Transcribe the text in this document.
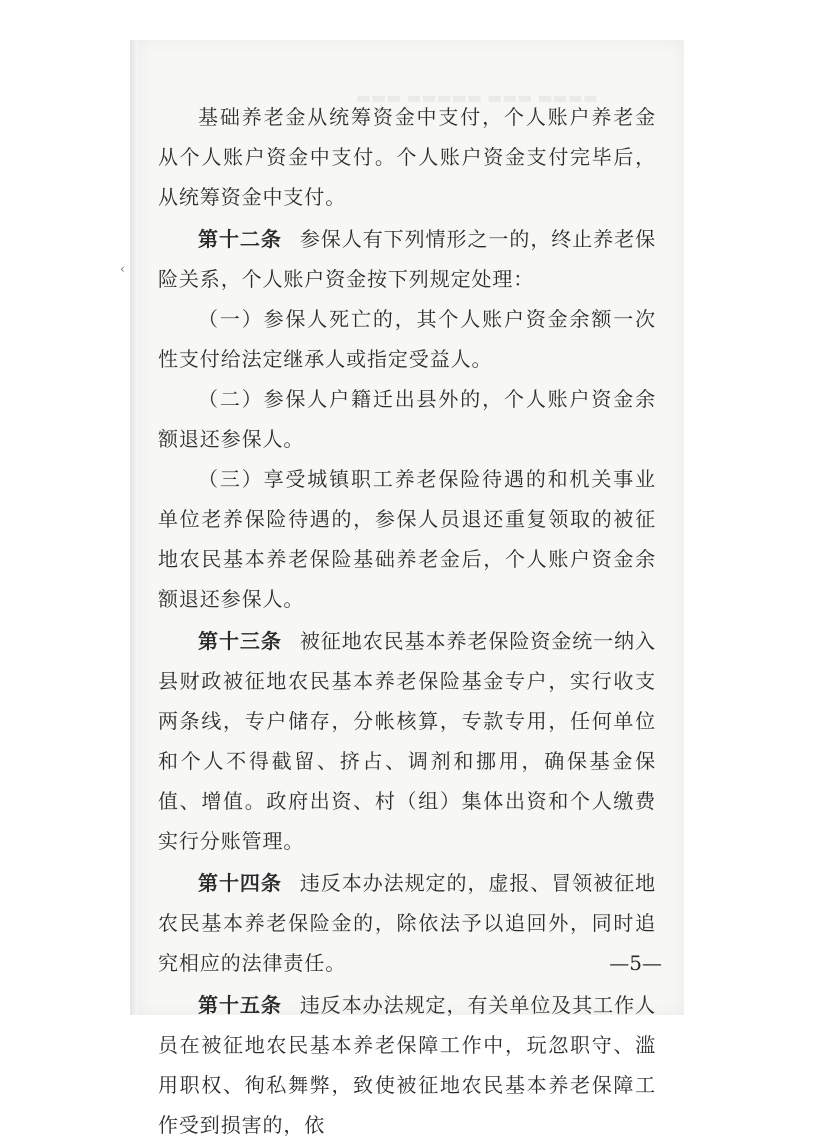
‹
▬▬▬▬ ▬▬▬ ▬▬▬▬▬ ▬▬▬

基础养老金从统筹资金中支付，个人账户养老金从个人账户资金中支付。个人账户资金支付完毕后，从统筹资金中支付。

第十二条 参保人有下列情形之一的，终止养老保险关系，个人账户资金按下列规定处理：

（一）参保人死亡的，其个人账户资金余额一次性支付给法定继承人或指定受益人。

（二）参保人户籍迁出县外的，个人账户资金余额退还参保人。

（三）享受城镇职工养老保险待遇的和机关事业单位老养保险待遇的，参保人员退还重复领取的被征地农民基本养老保险基础养老金后，个人账户资金余额退还参保人。

第十三条 被征地农民基本养老保险资金统一纳入县财政被征地农民基本养老保险基金专户，实行收支两条线，专户储存，分帐核算，专款专用，任何单位和个人不得截留、挤占、调剂和挪用，确保基金保值、增值。政府出资、村（组）集体出资和个人缴费实行分账管理。

第十四条 违反本办法规定的，虚报、冒领被征地农民基本养老保险金的，除依法予以追回外，同时追究相应的法律责任。

第十五条 违反本办法规定，有关单位及其工作人员在被征地农民基本养老保障工作中，玩忽职守、滥用职权、徇私舞弊，致使被征地农民基本养老保障工作受到损害的，依

—5—
